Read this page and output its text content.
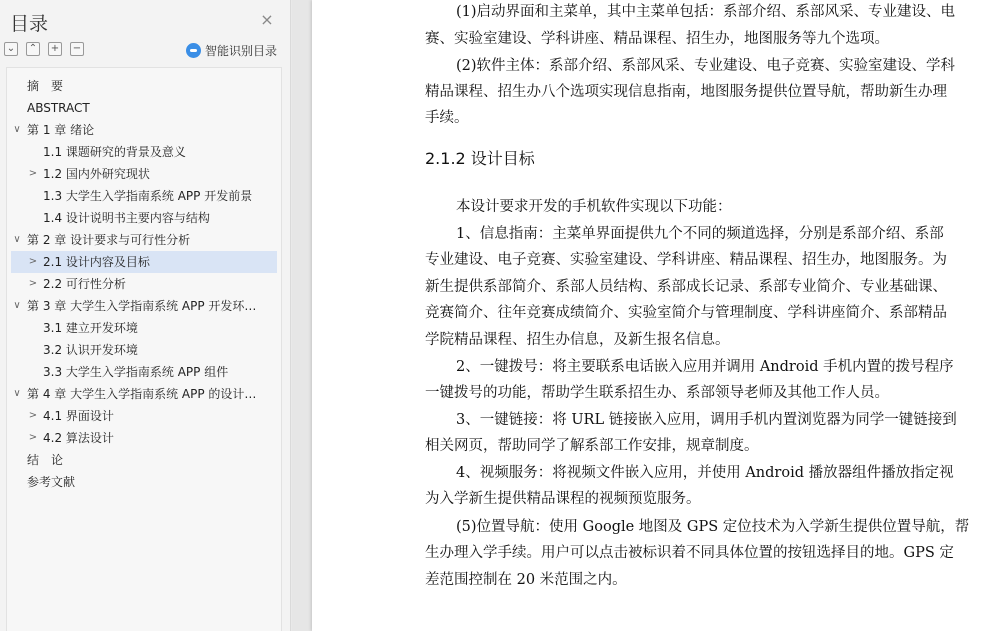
目录	×
⌄ ⌃ + −	智能识别目录
摘　要
ABSTRACT
∨ 第 1 章 绪论
1.1 课题研究的背景及意义
> 1.2 国内外研究现状
1.3 大学生入学指南系统 APP 开发前景
1.4 设计说明书主要内容与结构
∨ 第 2 章 设计要求与可行性分析
> 2.1 设计内容及目标
> 2.2 可行性分析
∨ 第 3 章 大学生入学指南系统 APP 开发环…
3.1 建立开发环境
3.2 认识开发环境
3.3 大学生入学指南系统 APP 组件
∨ 第 4 章 大学生入学指南系统 APP 的设计…
> 4.1 界面设计
> 4.2 算法设计
结　论
参考文献
(1)启动界面和主菜单，其中主菜单包括：系部介绍、系部风采、专业建设、电
赛、实验室建设、学科讲座、精品课程、招生办，地图服务等九个选项。
(2)软件主体：系部介绍、系部风采、专业建设、电子竞赛、实验室建设、学科
精品课程、招生办八个选项实现信息指南，地图服务提供位置导航，帮助新生办理
手续。
2.1.2 设计目标
本设计要求开发的手机软件实现以下功能：
1、信息指南：主菜单界面提供九个不同的频道选择，分别是系部介绍、系部
专业建设、电子竞赛、实验室建设、学科讲座、精品课程、招生办，地图服务。为
新生提供系部简介、系部人员结构、系部成长记录、系部专业简介、专业基础课、
竞赛简介、往年竞赛成绩简介、实验室简介与管理制度、学科讲座简介、系部精品
学院精品课程、招生办信息，及新生报名信息。
2、一键拨号：将主要联系电话嵌入应用并调用 Android 手机内置的拨号程序
一键拨号的功能，帮助学生联系招生办、系部领导老师及其他工作人员。
3、一键链接：将 URL 链接嵌入应用，调用手机内置浏览器为同学一键链接到
相关网页，帮助同学了解系部工作安排，规章制度。
4、视频服务：将视频文件嵌入应用，并使用 Android 播放器组件播放指定视
为入学新生提供精品课程的视频预览服务。
(5)位置导航：使用 Google 地图及 GPS 定位技术为入学新生提供位置导航，帮
生办理入学手续。用户可以点击被标识着不同具体位置的按钮选择目的地。GPS 定
差范围控制在 20 米范围之内。
